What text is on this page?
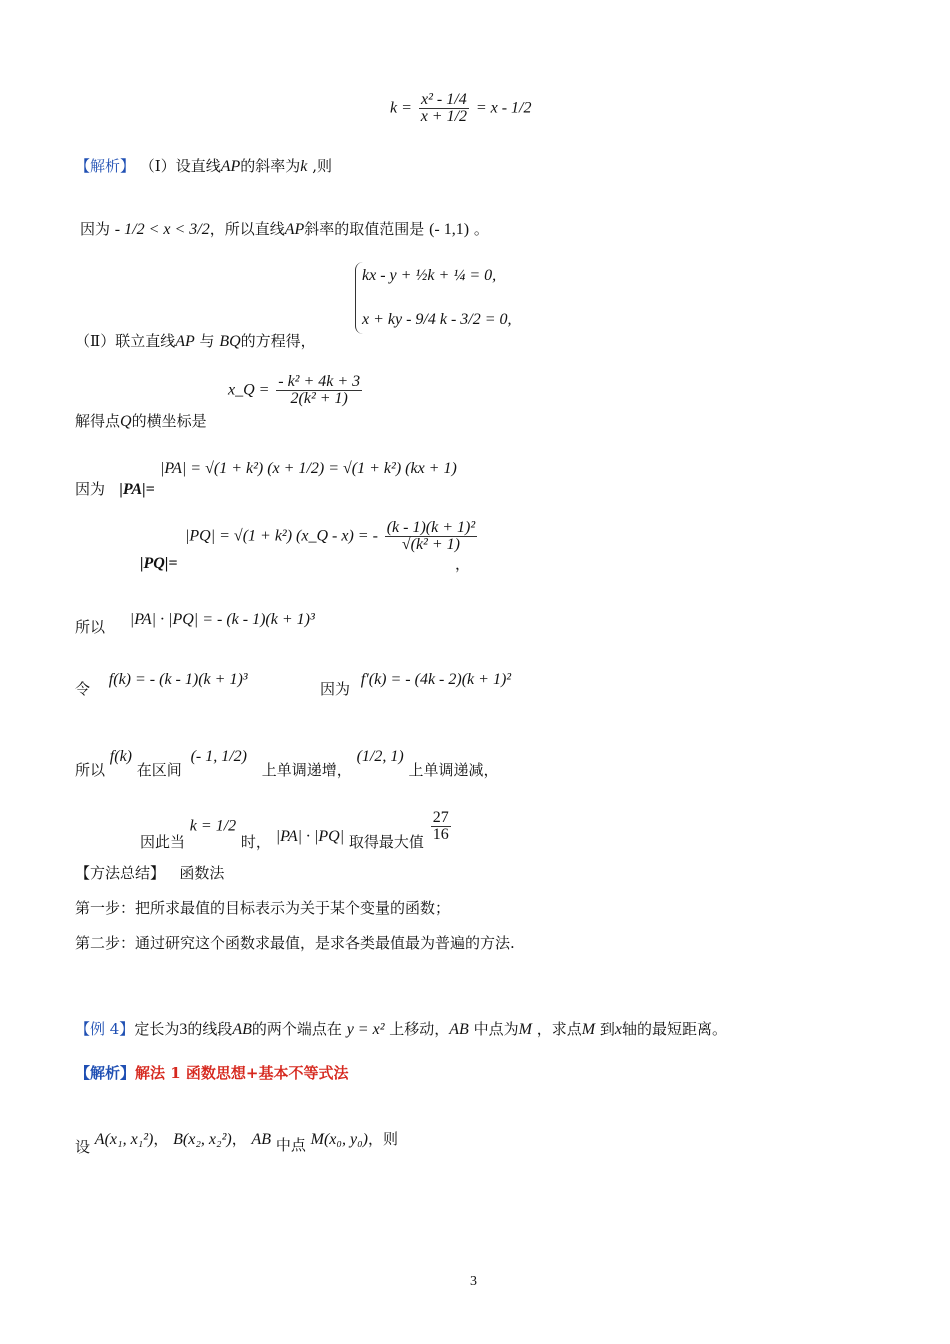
$k = \frac{\text{x² - 1/4}}{x + 1/2} = x - 1/2$
【解析】 （Ⅰ）设直线AP的斜率为k ,则
因为 - 1/2 < x < 3/2，所以直线AP斜率的取值范围是 (- 1,1) 。
kx - y + ½k + ¼ = 0,
x + ky - 9/4 k - 3/2 = 0,
（Ⅱ）联立直线AP 与 BQ的方程得，
x_Q = $\frac{\text{- k² + 4k + 3}}{\text{2(k² + 1)}}$
解得点Q的横坐标是
|PA| = √(1 + k²) (x + 1/2) = √(1 + k²) (kx + 1)
因为 |PA|=
|PQ| = √(1 + k²) (x_Q - x) = - $\frac{\text{(k - 1)(k + 1)²}}{\text{√(k² + 1)}}$
|PQ|=	，
所以 |PA| · |PQ| = - (k - 1)(k + 1)³
令 f(k) = - (k - 1)(k + 1)³
因为 f′(k) = - (4k - 2)(k + 1)²
所以 f(k) 在区间 (- 1, 1/2) 上单调递增， (1/2, 1) 上单调递减，
因此当 k = 1/2 时， |PA| · |PQ| 取得最大值 $\frac{27}{16}$
【方法总结】 函数法
第一步：把所求最值的目标表示为关于某个变量的函数；
第二步：通过研究这个函数求最值，是求各类最值最为普遍的方法.
【例 4】定长为3的线段AB的两个端点在 y = x² 上移动，AB 中点为M ，求点M 到x轴的最短距离。
【解析】解法 1 函数思想+基本不等式法
设 A(x₁, x₁²)， B(x₂, x₂²)， AB 中点 M(x₀, y₀)，则
3
